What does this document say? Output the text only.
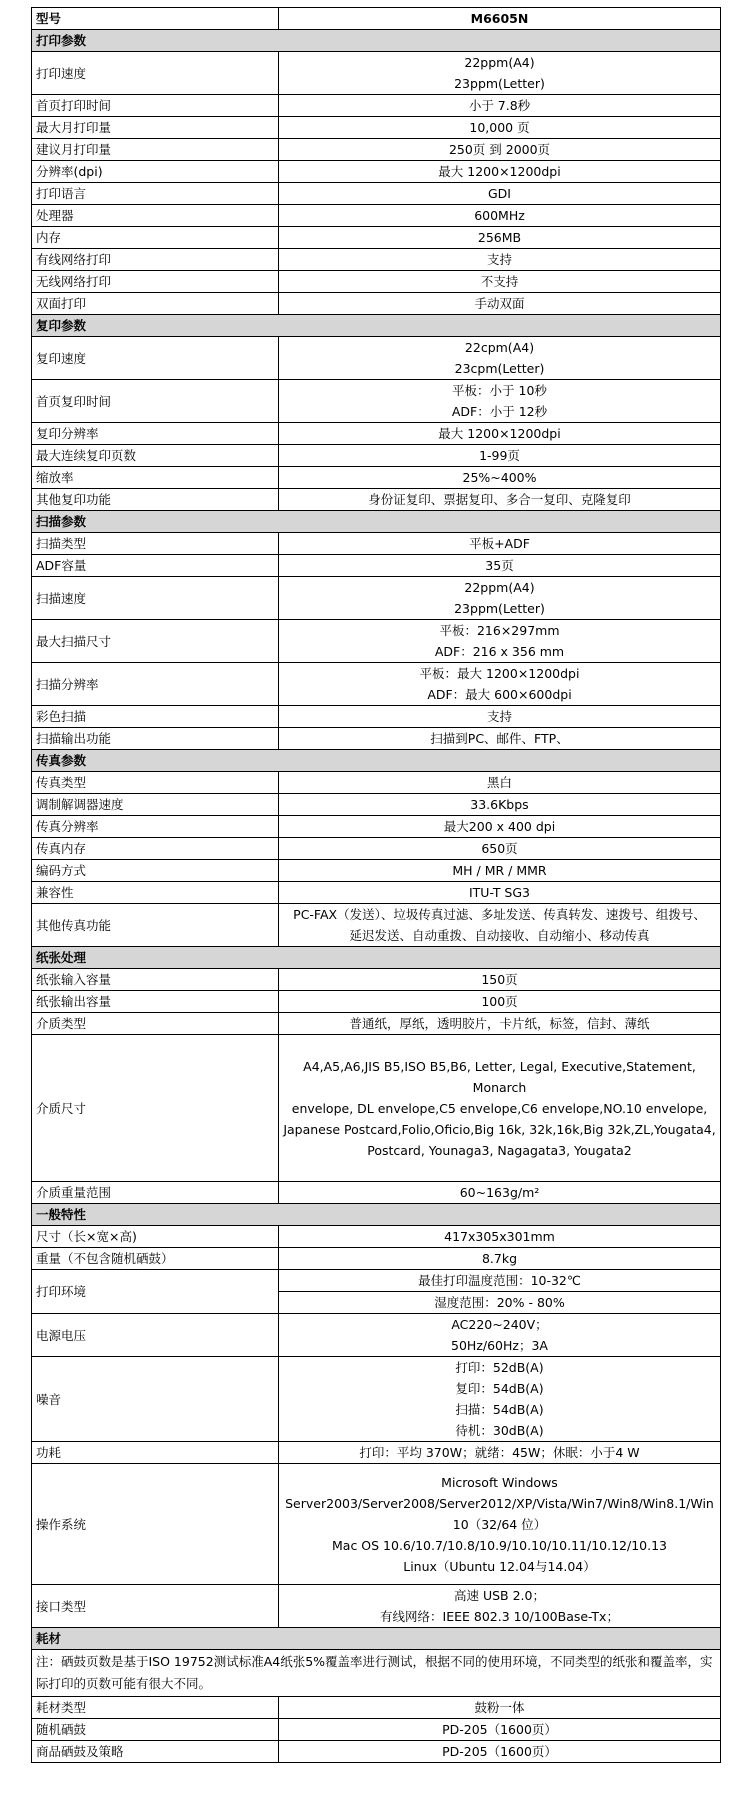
型号	M6605N
打印参数	
打印速度	22ppm(A4)
23ppm(Letter)

首页打印时间	小于 7.8秒

最大月打印量	10,000 页

建议月打印量	250页 到 2000页

分辨率(dpi)	最大 1200×1200dpi

打印语言	GDI

处理器	600MHz

内存	256MB

有线网络打印	支持

无线网络打印	不支持

双面打印	手动双面

复印参数	
复印速度	22cpm(A4)
23cpm(Letter)

首页复印时间	平板：小于 10秒
ADF：小于 12秒

复印分辨率	最大 1200×1200dpi

最大连续复印页数	1-99页

缩放率	25%~400%

其他复印功能	身份证复印、票据复印、多合一复印、克隆复印

扫描参数	
扫描类型	平板+ADF

ADF容量	35页

扫描速度	22ppm(A4)
23ppm(Letter)

最大扫描尺寸	平板：216×297mm
ADF：216 x 356 mm

扫描分辨率	平板：最大 1200×1200dpi
ADF：最大 600×600dpi

彩色扫描	支持

扫描输出功能	扫描到PC、邮件、FTP、

传真参数	
传真类型	黑白

调制解调器速度	33.6Kbps

传真分辨率	最大200 x 400 dpi

传真内存	650页

编码方式	MH / MR / MMR

兼容性	ITU-T SG3

其他传真功能	PC-FAX（发送）、垃圾传真过滤、多址发送、传真转发、速拨号、组拨号、
延迟发送、自动重拨、自动接收、自动缩小、移动传真

纸张处理	
纸张输入容量	150页

纸张输出容量	100页

介质类型	普通纸，厚纸，透明胶片，卡片纸，标签，信封、薄纸

介质尺寸	A4,A5,A6,JIS B5,ISO B5,B6, Letter, Legal, Executive,Statement, Monarch
envelope, DL envelope,C5 envelope,C6 envelope,NO.10 envelope,
Japanese Postcard,Folio,Oficio,Big 16k, 32k,16k,Big 32k,ZL,Yougata4,
Postcard, Younaga3, Nagagata3, Yougata2

介质重量范围	60~163g/m²

一般特性	
尺寸（长×宽×高)	417x305x301mm

重量（不包含随机硒鼓）	8.7kg

打印环境	最佳打印温度范围：10-32℃
	湿度范围：20% - 80%
电源电压	AC220~240V；
50Hz/60Hz；3A

噪音	打印：52dB(A)
复印：54dB(A)
扫描：54dB(A)
待机：30dB(A)

功耗	打印：平均 370W；就绪：45W；休眠：小于4 W

操作系统	Microsoft Windows
Server2003/Server2008/Server2012/XP/Vista/Win7/Win8/Win8.1/Win
10（32/64 位）
Mac OS 10.6/10.7/10.8/10.9/10.10/10.11/10.12/10.13
Linux（Ubuntu 12.04与14.04）

接口类型	高速 USB 2.0；
有线网络：IEEE 802.3 10/100Base-Tx；

耗材	
注：硒鼓页数是基于ISO 19752测试标准A4纸张5%覆盖率进行测试，根据不同的使用环境，不同类型的纸张和覆盖率，实际打印的页数可能有很大不同。	
耗材类型	鼓粉一体

随机硒鼓	PD-205（1600页）

商品硒鼓及策略	PD-205（1600页）
